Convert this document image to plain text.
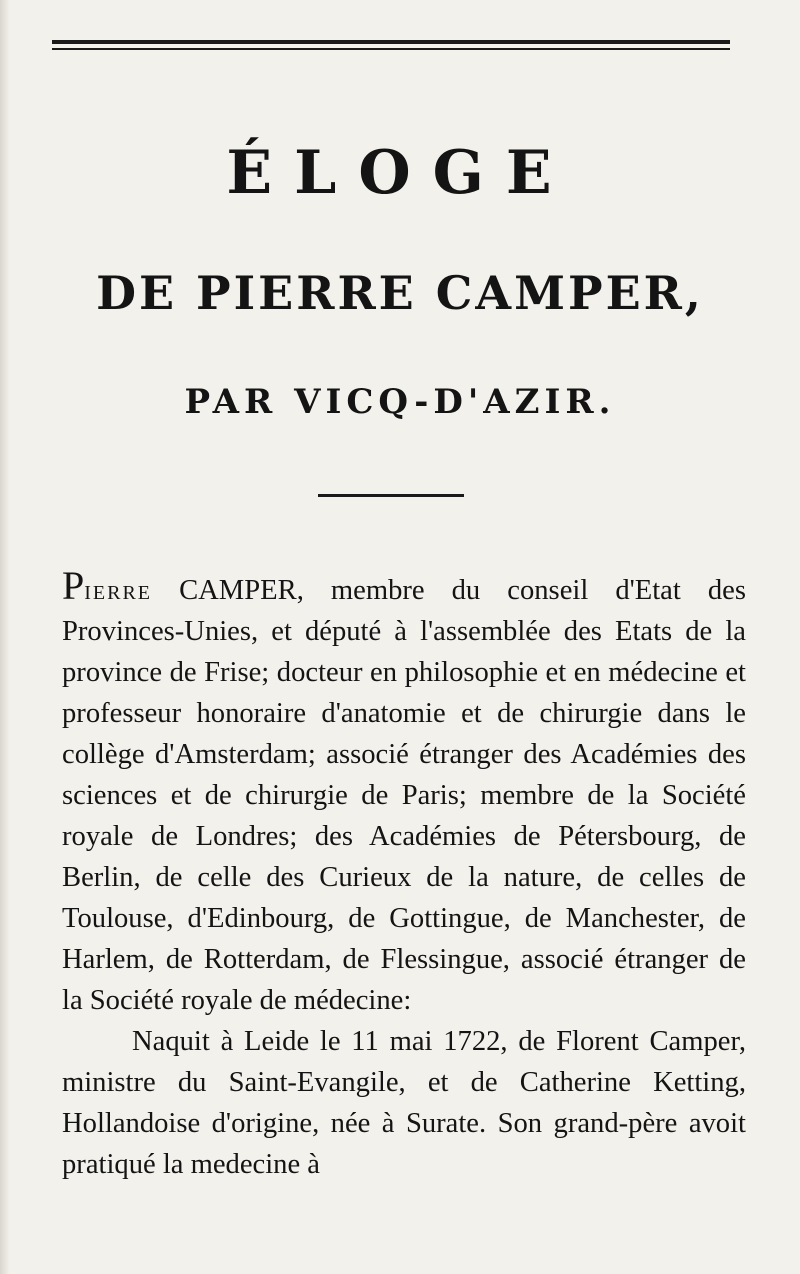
ÉLOGE
DE PIERRE CAMPER,
PAR VICQ-D'AZIR.

Pierre CAMPER, membre du conseil d'Etat des Provinces-Unies, et député à l'assemblée des Etats de la province de Frise; docteur en philosophie et en médecine et professeur honoraire d'anatomie et de chirurgie dans le collège d'Amsterdam; associé étranger des Académies des sciences et de chirurgie de Paris; membre de la Société royale de Londres; des Académies de Pétersbourg, de Berlin, de celle des Curieux de la nature, de celles de Toulouse, d'Edinbourg, de Gottingue, de Manchester, de Harlem, de Rotterdam, de Flessingue, associé étranger de la Société royale de médecine:

Naquit à Leide le 11 mai 1722, de Florent Camper, ministre du Saint-Evangile, et de Catherine Ketting, Hollandoise d'origine, née à Surate. Son grand-père avoit pratiqué la medecine à
